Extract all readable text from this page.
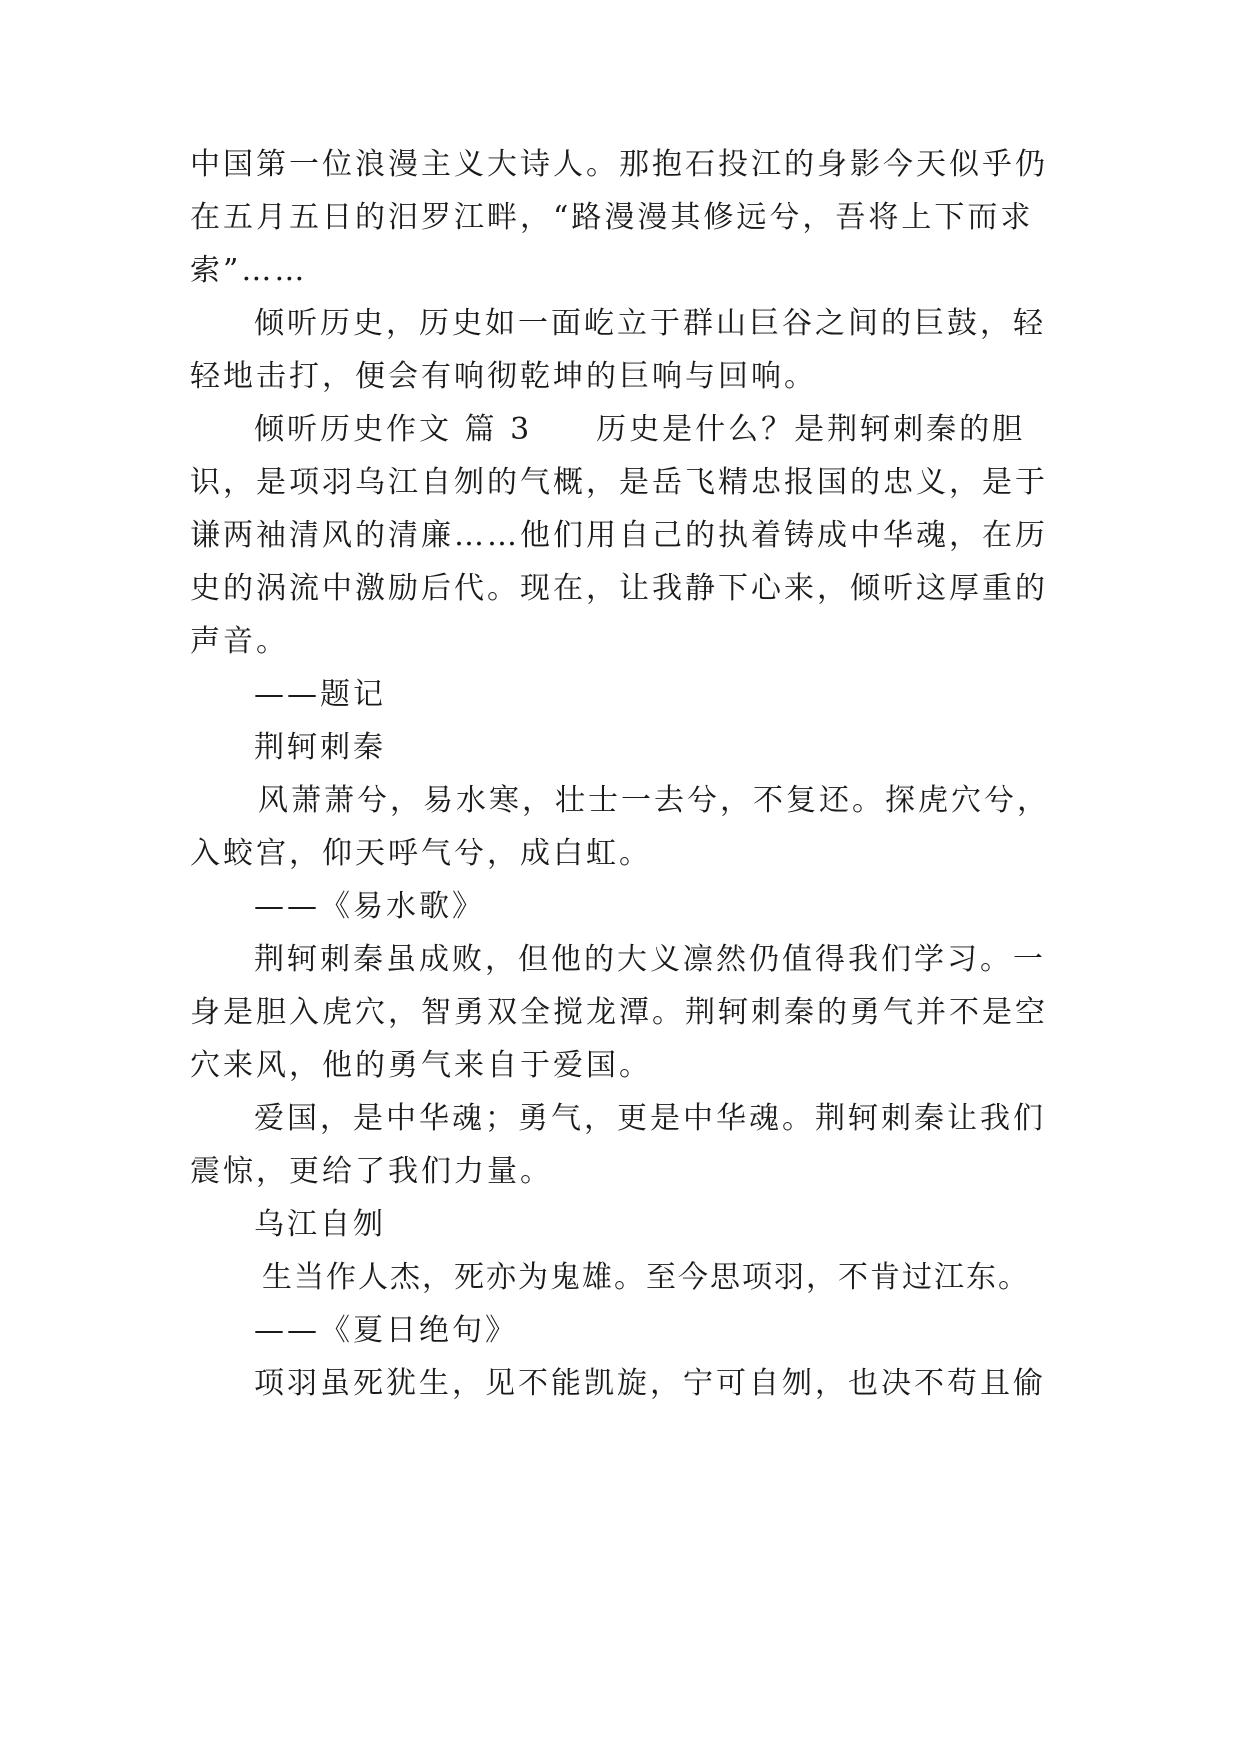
中国第一位浪漫主义大诗人。那抱石投江的身影今天似乎仍
在五月五日的汨罗江畔，“路漫漫其修远兮，吾将上下而求
索”……
倾听历史，历史如一面屹立于群山巨谷之间的巨鼓，轻
轻地击打，便会有响彻乾坤的巨响与回响。
倾听历史作文 篇 3 历史是什么？是荆轲刺秦的胆
识，是项羽乌江自刎的气概，是岳飞精忠报国的忠义，是于
谦两袖清风的清廉……他们用自己的执着铸成中华魂，在历
史的涡流中激励后代。现在，让我静下心来，倾听这厚重的
声音。
——题记
荆轲刺秦
风萧萧兮，易水寒，壮士一去兮，不复还。探虎穴兮，
入蛟宫，仰天呼气兮，成白虹。
——《易水歌》
荆轲刺秦虽成败，但他的大义凛然仍值得我们学习。一
身是胆入虎穴，智勇双全搅龙潭。荆轲刺秦的勇气并不是空
穴来风，他的勇气来自于爱国。
爱国，是中华魂；勇气，更是中华魂。荆轲刺秦让我们
震惊，更给了我们力量。
乌江自刎
生当作人杰，死亦为鬼雄。至今思项羽，不肯过江东。
——《夏日绝句》
项羽虽死犹生，见不能凯旋，宁可自刎，也决不苟且偷
